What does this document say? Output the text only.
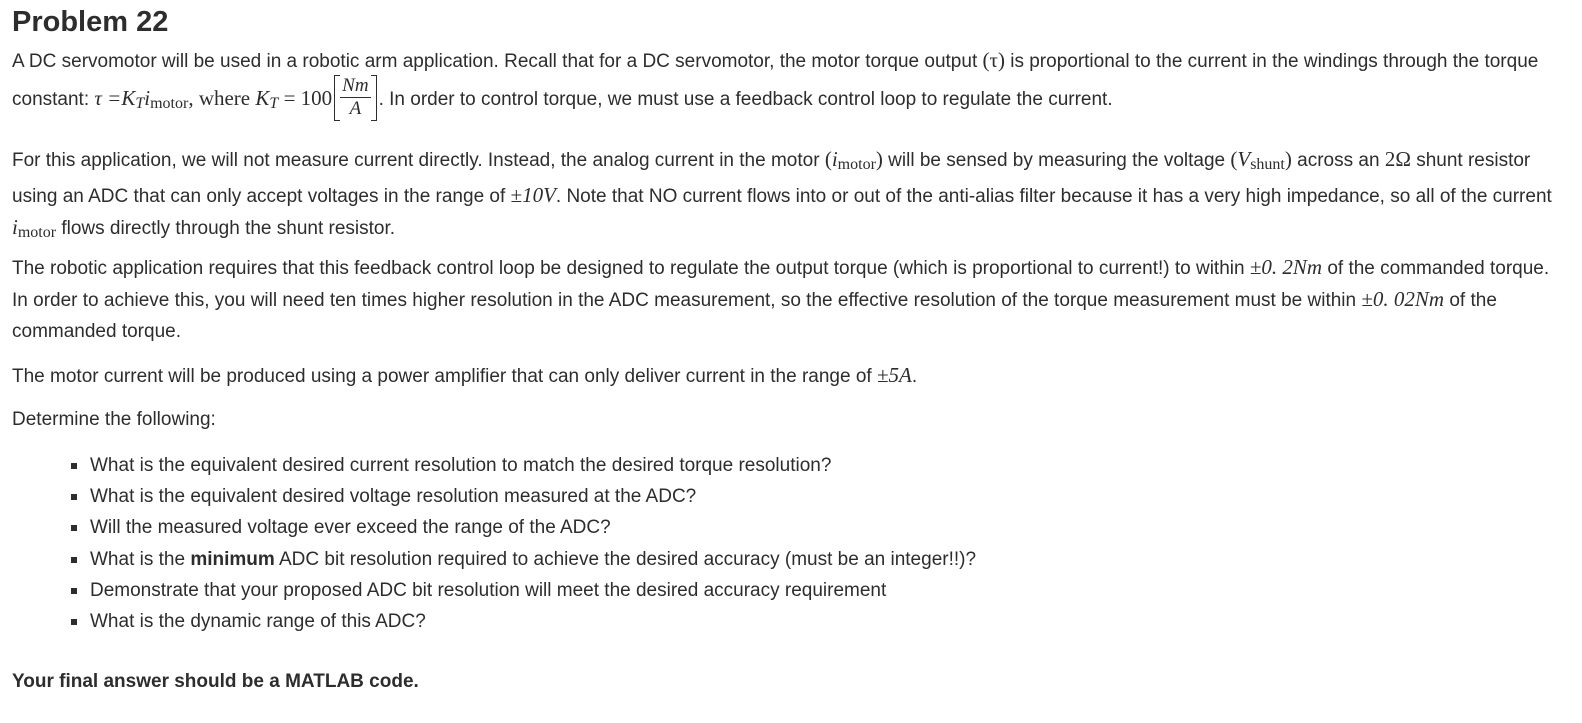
Problem 22
A DC servomotor will be used in a robotic arm application. Recall that for a DC servomotor, the motor torque output (τ) is proportional to the current in the windings through the torque constant: τ =KTimotor, where KT = $100 \frac{Nm}{A}$ . In order to control torque, we must use a feedback control loop to regulate the current.
For this application, we will not measure current directly. Instead, the analog current in the motor (imotor) will be sensed by measuring the voltage (Vshunt) across an 2Ω shunt resistor using an ADC that can only accept voltages in the range of ±10V. Note that NO current flows into or out of the anti-alias filter because it has a very high impedance, so all of the current imotor flows directly through the shunt resistor.
The robotic application requires that this feedback control loop be designed to regulate the output torque (which is proportional to current!) to within ±0. 2Nm of the commanded torque. In order to achieve this, you will need ten times higher resolution in the ADC measurement, so the effective resolution of the torque measurement must be within ±0. 02Nm of the commanded torque.
The motor current will be produced using a power amplifier that can only deliver current in the range of ±5A.
Determine the following:
What is the equivalent desired current resolution to match the desired torque resolution?
What is the equivalent desired voltage resolution measured at the ADC?
Will the measured voltage ever exceed the range of the ADC?
What is the minimum ADC bit resolution required to achieve the desired accuracy (must be an integer!!)?
Demonstrate that your proposed ADC bit resolution will meet the desired accuracy requirement
What is the dynamic range of this ADC?
Your final answer should be a MATLAB code.
